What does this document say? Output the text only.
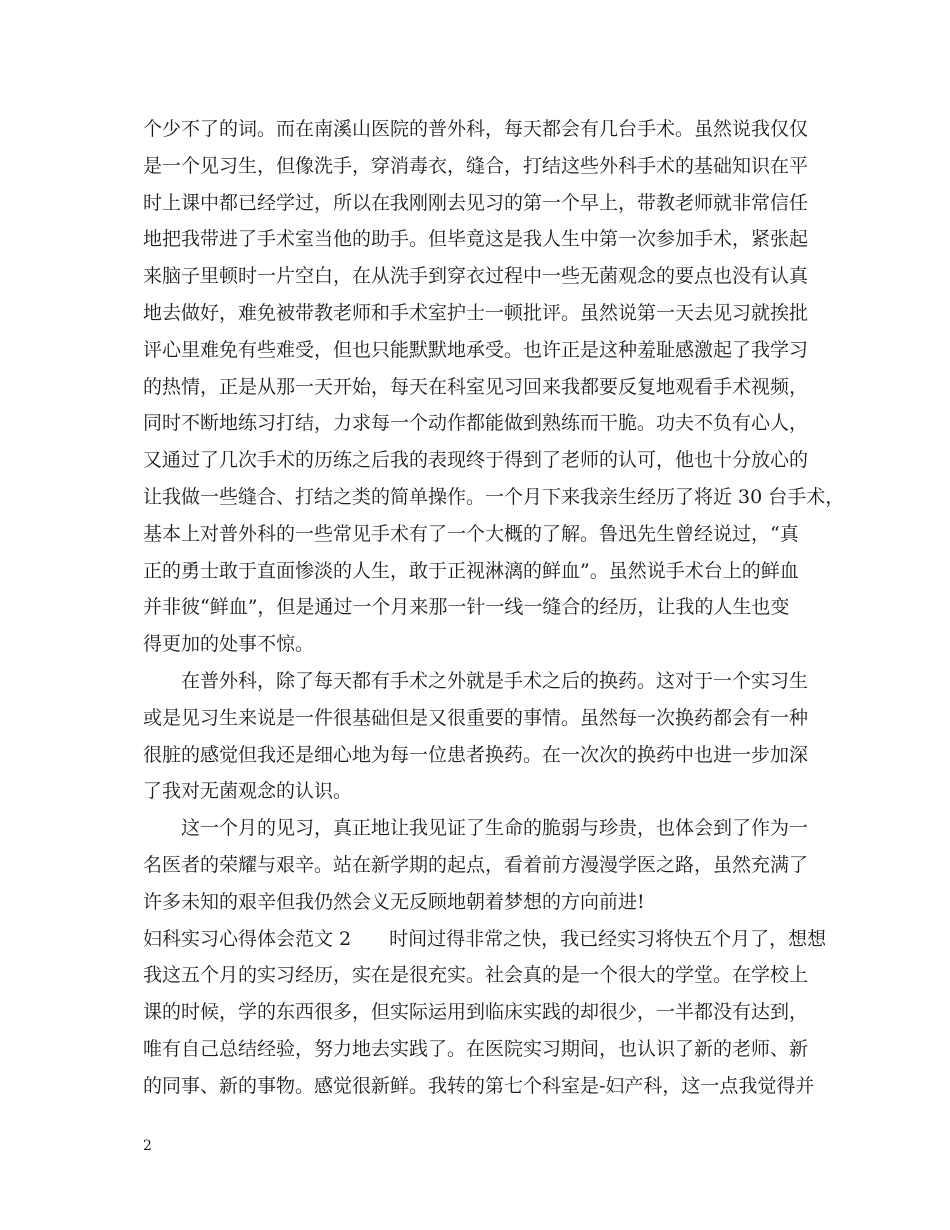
个少不了的词。而在南溪山医院的普外科，每天都会有几台手术。虽然说我仅仅
是一个见习生，但像洗手，穿消毒衣，缝合，打结这些外科手术的基础知识在平
时上课中都已经学过，所以在我刚刚去见习的第一个早上，带教老师就非常信任
地把我带进了手术室当他的助手。但毕竟这是我人生中第一次参加手术，紧张起
来脑子里顿时一片空白，在从洗手到穿衣过程中一些无菌观念的要点也没有认真
地去做好，难免被带教老师和手术室护士一顿批评。虽然说第一天去见习就挨批
评心里难免有些难受，但也只能默默地承受。也许正是这种羞耻感激起了我学习
的热情，正是从那一天开始，每天在科室见习回来我都要反复地观看手术视频，
同时不断地练习打结，力求每一个动作都能做到熟练而干脆。功夫不负有心人，
又通过了几次手术的历练之后我的表现终于得到了老师的认可，他也十分放心的
让我做一些缝合、打结之类的简单操作。一个月下来我亲生经历了将近 30 台手术，
基本上对普外科的一些常见手术有了一个大概的了解。鲁迅先生曾经说过，“真
正的勇士敢于直面惨淡的人生，敢于正视淋漓的鲜血”。虽然说手术台上的鲜血
并非彼“鲜血”，但是通过一个月来那一针一线一缝合的经历，让我的人生也变
得更加的处事不惊。
在普外科，除了每天都有手术之外就是手术之后的换药。这对于一个实习生
或是见习生来说是一件很基础但是又很重要的事情。虽然每一次换药都会有一种
很脏的感觉但我还是细心地为每一位患者换药。在一次次的换药中也进一步加深
了我对无菌观念的认识。
这一个月的见习，真正地让我见证了生命的脆弱与珍贵，也体会到了作为一
名医者的荣耀与艰辛。站在新学期的起点，看着前方漫漫学医之路，虽然充满了
许多未知的艰辛但我仍然会义无反顾地朝着梦想的方向前进!
妇科实习心得体会范文 2　　时间过得非常之快，我已经实习将快五个月了，想想
我这五个月的实习经历，实在是很充实。社会真的是一个很大的学堂。在学校上
课的时候，学的东西很多，但实际运用到临床实践的却很少，一半都没有达到，
唯有自己总结经验，努力地去实践了。在医院实习期间，也认识了新的老师、新
的同事、新的事物。感觉很新鲜。我转的第七个科室是-妇产科，这一点我觉得并
2
